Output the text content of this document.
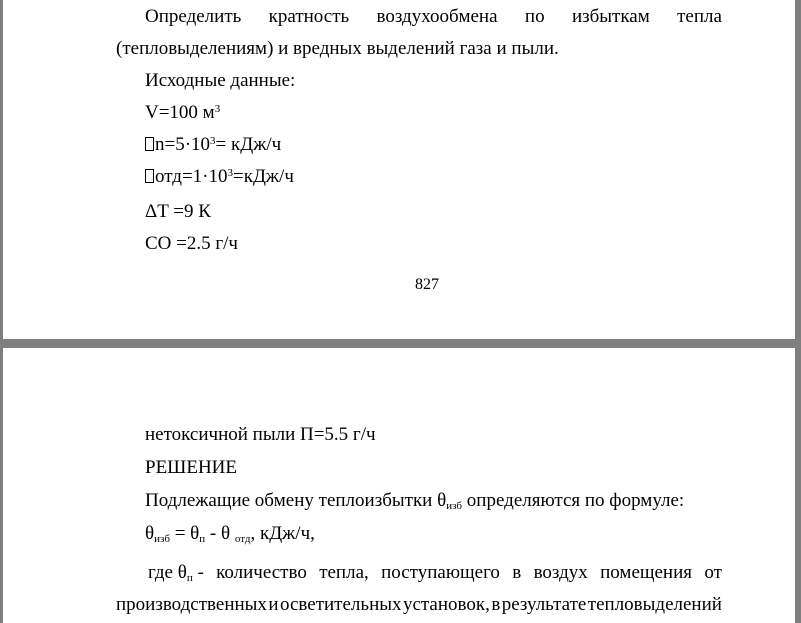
Определить кратность воздухообмена по избыткам тепла
(тепловыделениям) и вредных выделений газа и пыли.
Исходные данные:
V=100 $м^3$
$n=5\cdot 10^3= кДж/ч$
$отд=1\cdot 10^3=кДж/ч$
ΔT =9 К
CO =2.5 г/ч
827
нетоксичной пыли П=5.5 г/ч
РЕШЕНИЕ
Подлежащие обмену теплоизбытки $\theta_{изб}$ определяются по формуле:
$\theta_{изб} = \theta_п - \theta$ $_{отд}$, кДж/ч,
где $\theta_п$ - количество тепла, поступающего в воздух помещения от
производственных и осветительных установок, в результате тепловыделений
